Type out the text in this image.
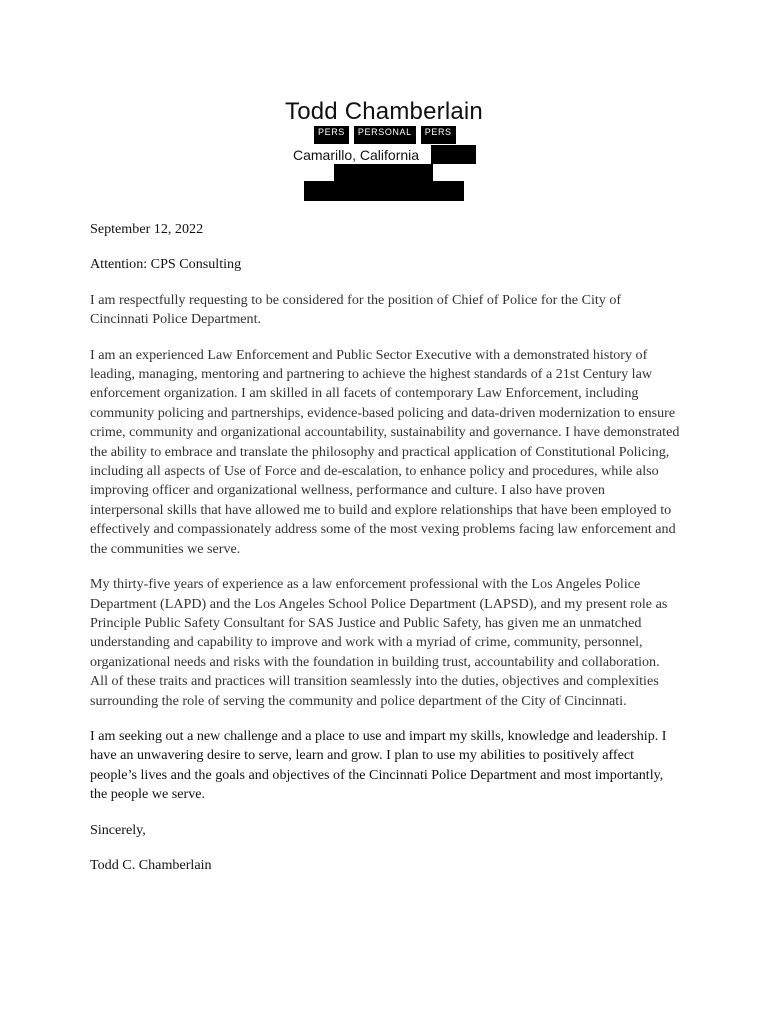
Todd Chamberlain
PERS	PERSONAL	PERS
Camarillo, California

September 12, 2022

Attention: CPS Consulting

I am respectfully requesting to be considered for the position of Chief of Police for the City of Cincinnati Police Department.

I am an experienced Law Enforcement and Public Sector Executive with a demonstrated history of leading, managing, mentoring and partnering to achieve the highest standards of a 21st Century law enforcement organization. I am skilled in all facets of contemporary Law Enforcement, including community policing and partnerships, evidence-based policing and data-driven modernization to ensure crime, community and organizational accountability, sustainability and governance. I have demonstrated the ability to embrace and translate the philosophy and practical application of Constitutional Policing, including all aspects of Use of Force and de-escalation, to enhance policy and procedures, while also improving officer and organizational wellness, performance and culture. I also have proven interpersonal skills that have allowed me to build and explore relationships that have been employed to effectively and compassionately address some of the most vexing problems facing law enforcement and the communities we serve.

My thirty-five years of experience as a law enforcement professional with the Los Angeles Police Department (LAPD) and the Los Angeles School Police Department (LAPSD), and my present role as Principle Public Safety Consultant for SAS Justice and Public Safety, has given me an unmatched understanding and capability to improve and work with a myriad of crime, community, personnel, organizational needs and risks with the foundation in building trust, accountability and collaboration. All of these traits and practices will transition seamlessly into the duties, objectives and complexities surrounding the role of serving the community and police department of the City of Cincinnati.

I am seeking out a new challenge and a place to use and impart my skills, knowledge and leadership. I have an unwavering desire to serve, learn and grow. I plan to use my abilities to positively affect people’s lives and the goals and objectives of the Cincinnati Police Department and most importantly, the people we serve.

Sincerely,

Todd C. Chamberlain
